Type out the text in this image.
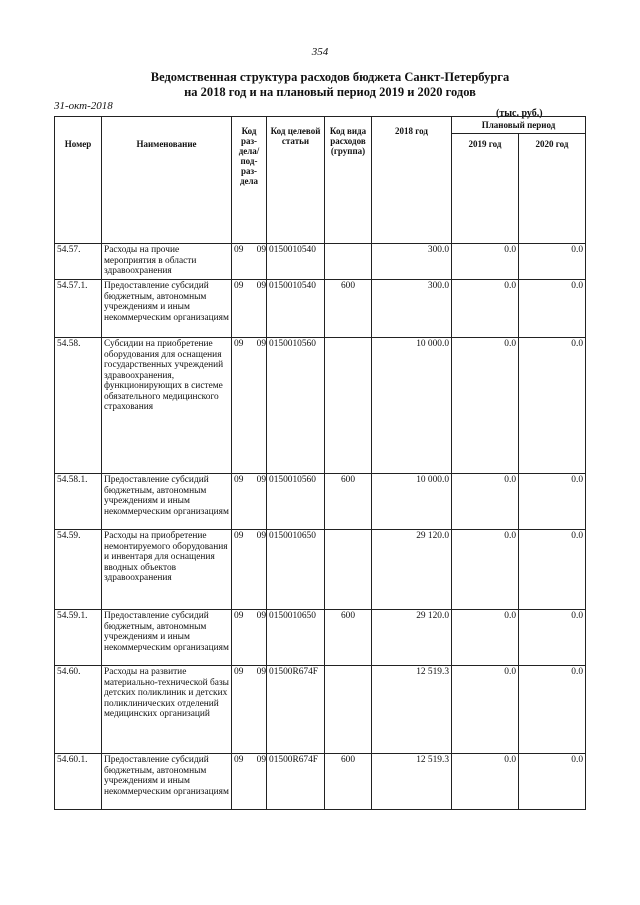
354
Ведомственная структура расходов бюджета Санкт-Петербурга
на 2018 год и на плановый период 2019 и 2020 годов
31-окт-2018
(тыс. руб.)
Номер	Наименование	Код раз- дела/ под- раз- дела	Код целевой статьи	Код вида расходов (группа)	2018 год	Плановый период	
						2019 год	2020 год
54.57.	Расходы на прочие мероприятия в области здравоохранения	09 09	0150010540		300.0	0.0	0.0
54.57.1.	Предоставление субсидий бюджетным, автономным учреждениям и иным некоммерческим организациям	09 09	0150010540	600	300.0	0.0	0.0
54.58.	Субсидии на приобретение оборудования для оснащения государственных учреждений здравоохранения, функционирующих в системе обязательного медицинского страхования	09 09	0150010560		10 000.0	0.0	0.0
54.58.1.	Предоставление субсидий бюджетным, автономным учреждениям и иным некоммерческим организациям	09 09	0150010560	600	10 000.0	0.0	0.0
54.59.	Расходы на приобретение немонтируемого оборудования и инвентаря для оснащения вводных объектов здравоохранения	09 09	0150010650		29 120.0	0.0	0.0
54.59.1.	Предоставление субсидий бюджетным, автономным учреждениям и иным некоммерческим организациям	09 09	0150010650	600	29 120.0	0.0	0.0
54.60.	Расходы на развитие материально-технической базы детских поликлиник и детских поликлинических отделений медицинских организаций	09 09	01500R674F		12 519.3	0.0	0.0
54.60.1.	Предоставление субсидий бюджетным, автономным учреждениям и иным некоммерческим организациям	09 09	01500R674F	600	12 519.3	0.0	0.0
